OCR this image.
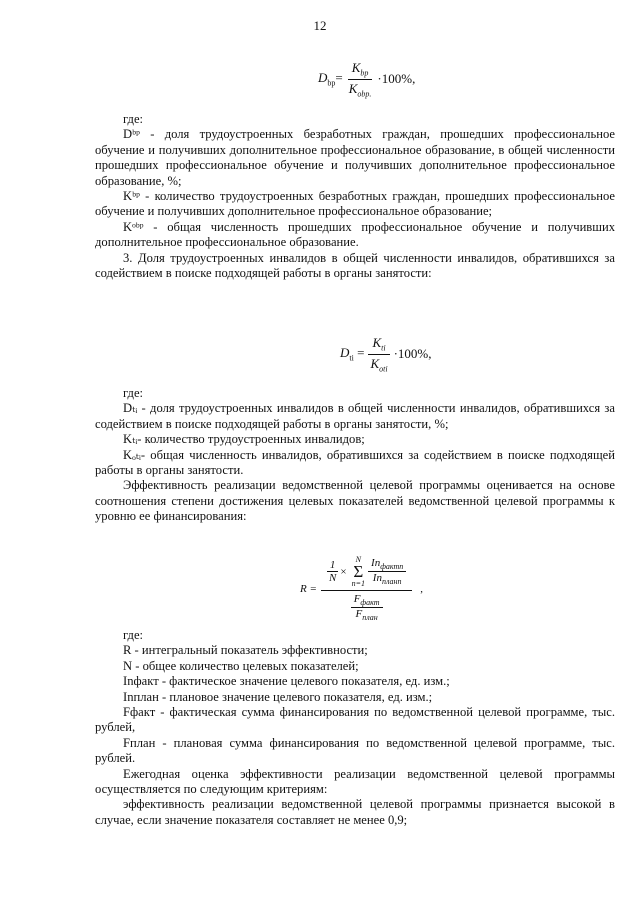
12
$D_{bp}= \frac{K_{bp}}{K_{obp.}} \cdot 100\%$,

где:

Dᵇᵖ - доля трудоустроенных безработных граждан, прошедших профессиональное обучение и получивших дополнительное профессиональное образование, в общей численности прошедших профессиональное обучение и получивших дополнительное профессиональное образование, %;

Kᵇᵖ - количество трудоустроенных безработных граждан, прошедших профессиональное обучение и получивших дополнительное профессиональное образование;

Kᵒᵇᵖ - общая численность прошедших профессиональное обучение и получивших дополнительное профессиональное образование.

3. Доля трудоустроенных инвалидов в общей численности инвалидов, обратившихся за содействием в поиске подходящей работы в органы занятости:

$D_{ti} = \frac{K_{ti}}{K_{oti}} \cdot 100\%$,

где:

Dₜᵢ - доля трудоустроенных инвалидов в общей численности инвалидов, обратившихся за содействием в поиске подходящей работы в органы занятости, %;

Kₜᵢ- количество трудоустроенных инвалидов;

Kₒₜᵢ- общая численность инвалидов, обратившихся за содействием в поиске подходящей работы в органы занятости.

Эффективность реализации ведомственной целевой программы оценивается на основе соотношения степени достижения целевых показателей ведомственной целевой программы к уровню ее финансирования:

R =
$\frac{1}{N}$ ×
N
Σ
$n=1 \frac{In_{фактn}}{In_{планn}}$
$\frac{F_{факт}}{F_{план}}$
,

где:

R - интегральный показатель эффективности;

N - общее количество целевых показателей;

Inфакт - фактическое значение целевого показателя, ед. изм.;

Inплан - плановое значение целевого показателя, ед. изм.;

Fфакт - фактическая сумма финансирования по ведомственной целевой программе, тыс. рублей,

Fплан - плановая сумма финансирования по ведомственной целевой программе, тыс. рублей.

Ежегодная оценка эффективности реализации ведомственной целевой программы осуществляется по следующим критериям:

эффективность реализации ведомственной целевой программы признается высокой в случае, если значение показателя составляет не менее 0,9;
